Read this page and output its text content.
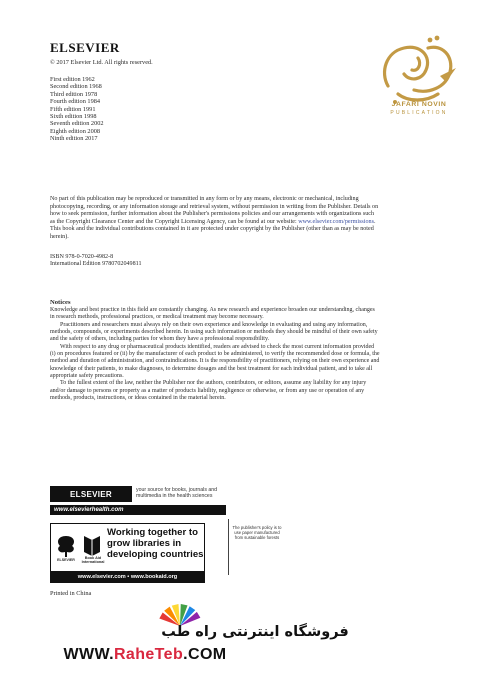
ELSEVIER
© 2017 Elsevier Ltd. All rights reserved.
First edition 1962
Second edition 1968
Third edition 1978
Fourth edition 1984
Fifth edition 1991
Sixth edition 1998
Seventh edition 2002
Eighth edition 2008
Ninth edition 2017
No part of this publication may be reproduced or transmitted in any form or by any means, electronic or mechanical, including photocopying, recording, or any information storage and retrieval system, without permission in writing from the Publisher. Details on how to seek permission, further information about the Publisher's permissions policies and our arrangements with organizations such as the Copyright Clearance Center and the Copyright Licensing Agency, can be found at our website: www.elsevier.com/permissions.
This book and the individual contributions contained in it are protected under copyright by the Publisher (other than as may be noted herein).
ISBN 978-0-7020-4982-8
International Edition 9780702049811
Notices

Knowledge and best practice in this field are constantly changing. As new research and experience broaden our understanding, changes in research methods, professional practices, or medical treatment may become necessary.

Practitioners and researchers must always rely on their own experience and knowledge in evaluating and using any information, methods, compounds, or experiments described herein. In using such information or methods they should be mindful of their own safety and the safety of others, including parties for whom they have a professional responsibility.

With respect to any drug or pharmaceutical products identified, readers are advised to check the most current information provided (i) on procedures featured or (ii) by the manufacturer of each product to be administered, to verify the recommended dose or formula, the method and duration of administration, and contraindications. It is the responsibility of practitioners, relying on their own experience and knowledge of their patients, to make diagnoses, to determine dosages and the best treatment for each individual patient, and to take all appropriate safety precautions.

To the fullest extent of the law, neither the Publisher nor the authors, contributors, or editors, assume any liability for any injury and/or damage to persons or property as a matter of products liability, negligence or otherwise, or from any use or operation of any methods, products, instructions, or ideas contained in the material herein.

JAFARI NOVIN
PUBLICATION
ELSEVIER	your source for books, journals and multimedia in the health sciences
www.elsevierhealth.com
ELSEVIER	Book Aid International
Working together to grow libraries in developing countries
www.elsevier.com • www.bookaid.org
The publisher's policy is to use paper manufactured from sustainable forests
Printed in China
فروشگاه اینترنتی راه طب
WWW.RaheTeb.COM
